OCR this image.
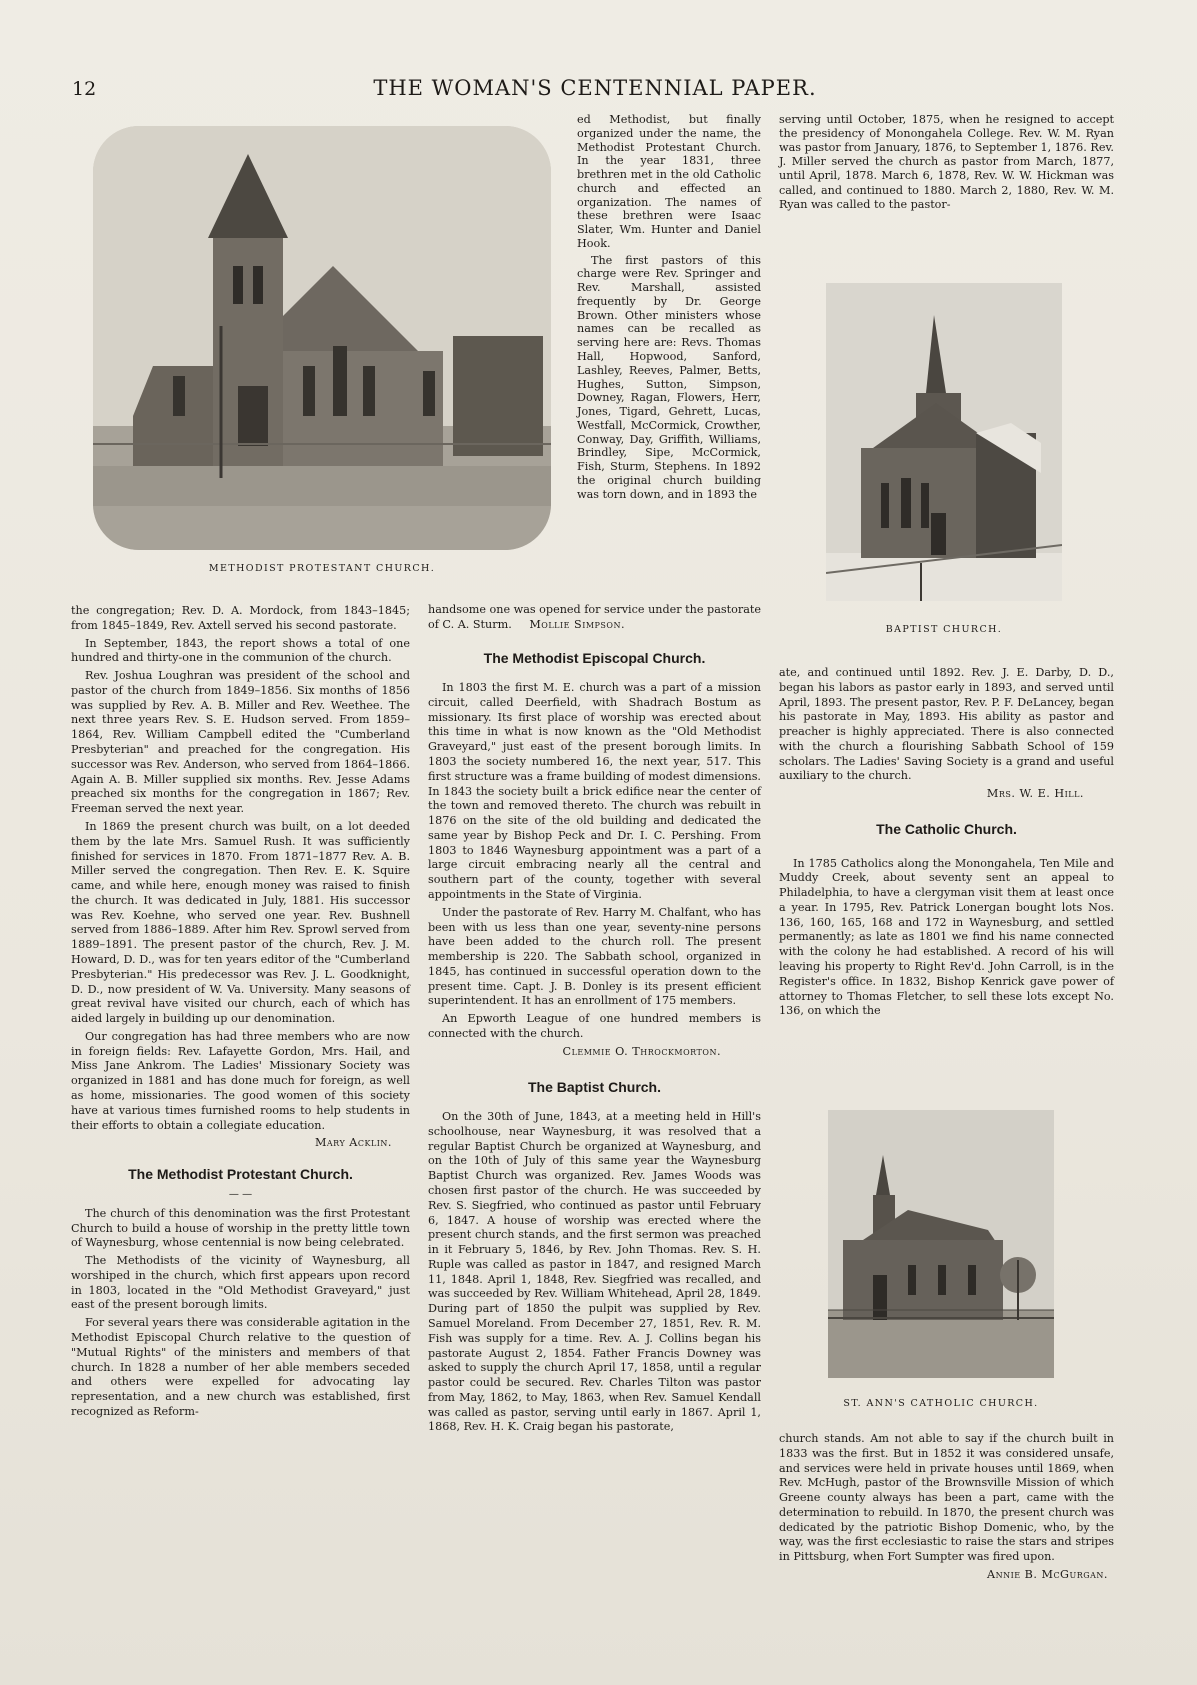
12	THE WOMAN'S CENTENNIAL PAPER.
METHODIST PROTESTANT CHURCH.
BAPTIST CHURCH.
ST. ANN'S CATHOLIC CHURCH.

the congregation; Rev. D. A. Mordock, from 1843–1845; from 1845–1849, Rev. Axtell served his second pastorate.

In September, 1843, the report shows a total of one hundred and thirty-one in the communion of the church.

Rev. Joshua Loughran was president of the school and pastor of the church from 1849–1856. Six months of 1856 was supplied by Rev. A. B. Miller and Rev. Weethee. The next three years Rev. S. E. Hudson served. From 1859–1864, Rev. William Campbell edited the "Cumberland Presbyterian" and preached for the congregation. His successor was Rev. Anderson, who served from 1864–1866. Again A. B. Miller supplied six months. Rev. Jesse Adams preached six months for the congregation in 1867; Rev. Freeman served the next year.

In 1869 the present church was built, on a lot deeded them by the late Mrs. Samuel Rush. It was sufficiently finished for services in 1870. From 1871–1877 Rev. A. B. Miller served the congregation. Then Rev. E. K. Squire came, and while here, enough money was raised to finish the church. It was dedicated in July, 1881. His successor was Rev. Koehne, who served one year. Rev. Bushnell served from 1886–1889. After him Rev. Sprowl served from 1889–1891. The present pastor of the church, Rev. J. M. Howard, D. D., was for ten years editor of the "Cumberland Presbyterian." His predecessor was Rev. J. L. Goodknight, D. D., now president of W. Va. University. Many seasons of great revival have visited our church, each of which has aided largely in building up our denomination.

Our congregation has had three members who are now in foreign fields: Rev. Lafayette Gordon, Mrs. Hail, and Miss Jane Ankrom. The Ladies' Missionary Society was organized in 1881 and has done much for foreign, as well as home, missionaries. The good women of this society have at various times furnished rooms to help students in their efforts to obtain a collegiate education.

Mary Acklin.
The Methodist Protestant Church.
— —

The church of this denomination was the first Protestant Church to build a house of worship in the pretty little town of Waynesburg, whose centennial is now being celebrated.

The Methodists of the vicinity of Waynesburg, all worshiped in the church, which first appears upon record in 1803, located in the "Old Methodist Graveyard," just east of the present borough limits.

For several years there was considerable agitation in the Methodist Episcopal Church relative to the question of "Mutual Rights" of the ministers and members of that church. In 1828 a number of her able members seceded and others were expelled for advocating lay representation, and a new church was established, first recognized as Reform-

ed Methodist, but finally organized under the name, the Methodist Protestant Church. In the year 1831, three brethren met in the old Catholic church and effected an organization. The names of these brethren were Isaac Slater, Wm. Hunter and Daniel Hook.

The first pastors of this charge were Rev. Springer and Rev. Marshall, assisted frequently by Dr. George Brown. Other ministers whose names can be recalled as serving here are: Revs. Thomas Hall, Hopwood, Sanford, Lashley, Reeves, Palmer, Betts, Hughes, Sutton, Simpson, Downey, Ragan, Flowers, Herr, Jones, Tigard, Gehrett, Lucas, Westfall, McCormick, Crowther, Conway, Day, Griffith, Williams, Brindley, Sipe, McCormick, Fish, Sturm, Stephens. In 1892 the original church building was torn down, and in 1893 the

handsome one was opened for service under the pastorate of C. A. Sturm. Mollie Simpson.

The Methodist Episcopal Church.

In 1803 the first M. E. church was a part of a mission circuit, called Deerfield, with Shadrach Bostum as missionary. Its first place of worship was erected about this time in what is now known as the "Old Methodist Graveyard," just east of the present borough limits. In 1803 the society numbered 16, the next year, 517. This first structure was a frame building of modest dimensions. In 1843 the society built a brick edifice near the center of the town and removed thereto. The church was rebuilt in 1876 on the site of the old building and dedicated the same year by Bishop Peck and Dr. I. C. Pershing. From 1803 to 1846 Waynesburg appointment was a part of a large circuit embracing nearly all the central and southern part of the county, together with several appointments in the State of Virginia.

Under the pastorate of Rev. Harry M. Chalfant, who has been with us less than one year, seventy-nine persons have been added to the church roll. The present membership is 220. The Sabbath school, organized in 1845, has continued in successful operation down to the present time. Capt. J. B. Donley is its present efficient superintendent. It has an enrollment of 175 members.

An Epworth League of one hundred members is connected with the church.

Clemmie O. Throckmorton.
The Baptist Church.

On the 30th of June, 1843, at a meeting held in Hill's schoolhouse, near Waynesburg, it was resolved that a regular Baptist Church be organized at Waynesburg, and on the 10th of July of this same year the Waynesburg Baptist Church was organized. Rev. James Woods was chosen first pastor of the church. He was succeeded by Rev. S. Siegfried, who continued as pastor until February 6, 1847. A house of worship was erected where the present church stands, and the first sermon was preached in it February 5, 1846, by Rev. John Thomas. Rev. S. H. Ruple was called as pastor in 1847, and resigned March 11, 1848. April 1, 1848, Rev. Siegfried was recalled, and was succeeded by Rev. William Whitehead, April 28, 1849. During part of 1850 the pulpit was supplied by Rev. Samuel Moreland. From December 27, 1851, Rev. R. M. Fish was supply for a time. Rev. A. J. Collins began his pastorate August 2, 1854. Father Francis Downey was asked to supply the church April 17, 1858, until a regular pastor could be secured. Rev. Charles Tilton was pastor from May, 1862, to May, 1863, when Rev. Samuel Kendall was called as pastor, serving until early in 1867. April 1, 1868, Rev. H. K. Craig began his pastorate,

serving until October, 1875, when he resigned to accept the presidency of Monongahela College. Rev. W. M. Ryan was pastor from January, 1876, to September 1, 1876. Rev. J. Miller served the church as pastor from March, 1877, until April, 1878. March 6, 1878, Rev. W. W. Hickman was called, and continued to 1880. March 2, 1880, Rev. W. M. Ryan was called to the pastor-

ate, and continued until 1892. Rev. J. E. Darby, D. D., began his labors as pastor early in 1893, and served until April, 1893. The present pastor, Rev. P. F. DeLancey, began his pastorate in May, 1893. His ability as pastor and preacher is highly appreciated. There is also connected with the church a flourishing Sabbath School of 159 scholars. The Ladies' Saving Society is a grand and useful auxiliary to the church.

Mrs. W. E. Hill.
The Catholic Church.

In 1785 Catholics along the Monongahela, Ten Mile and Muddy Creek, about seventy sent an appeal to Philadelphia, to have a clergyman visit them at least once a year. In 1795, Rev. Patrick Lonergan bought lots Nos. 136, 160, 165, 168 and 172 in Waynesburg, and settled permanently; as late as 1801 we find his name connected with the colony he had established. A record of his will leaving his property to Right Rev'd. John Carroll, is in the Register's office. In 1832, Bishop Kenrick gave power of attorney to Thomas Fletcher, to sell these lots except No. 136, on which the

church stands. Am not able to say if the church built in 1833 was the first. But in 1852 it was considered unsafe, and services were held in private houses until 1869, when Rev. McHugh, pastor of the Brownsville Mission of which Greene county always has been a part, came with the determination to rebuild. In 1870, the present church was dedicated by the patriotic Bishop Domenic, who, by the way, was the first ecclesiastic to raise the stars and stripes in Pittsburg, when Fort Sumpter was fired upon.

Annie B. McGurgan.
